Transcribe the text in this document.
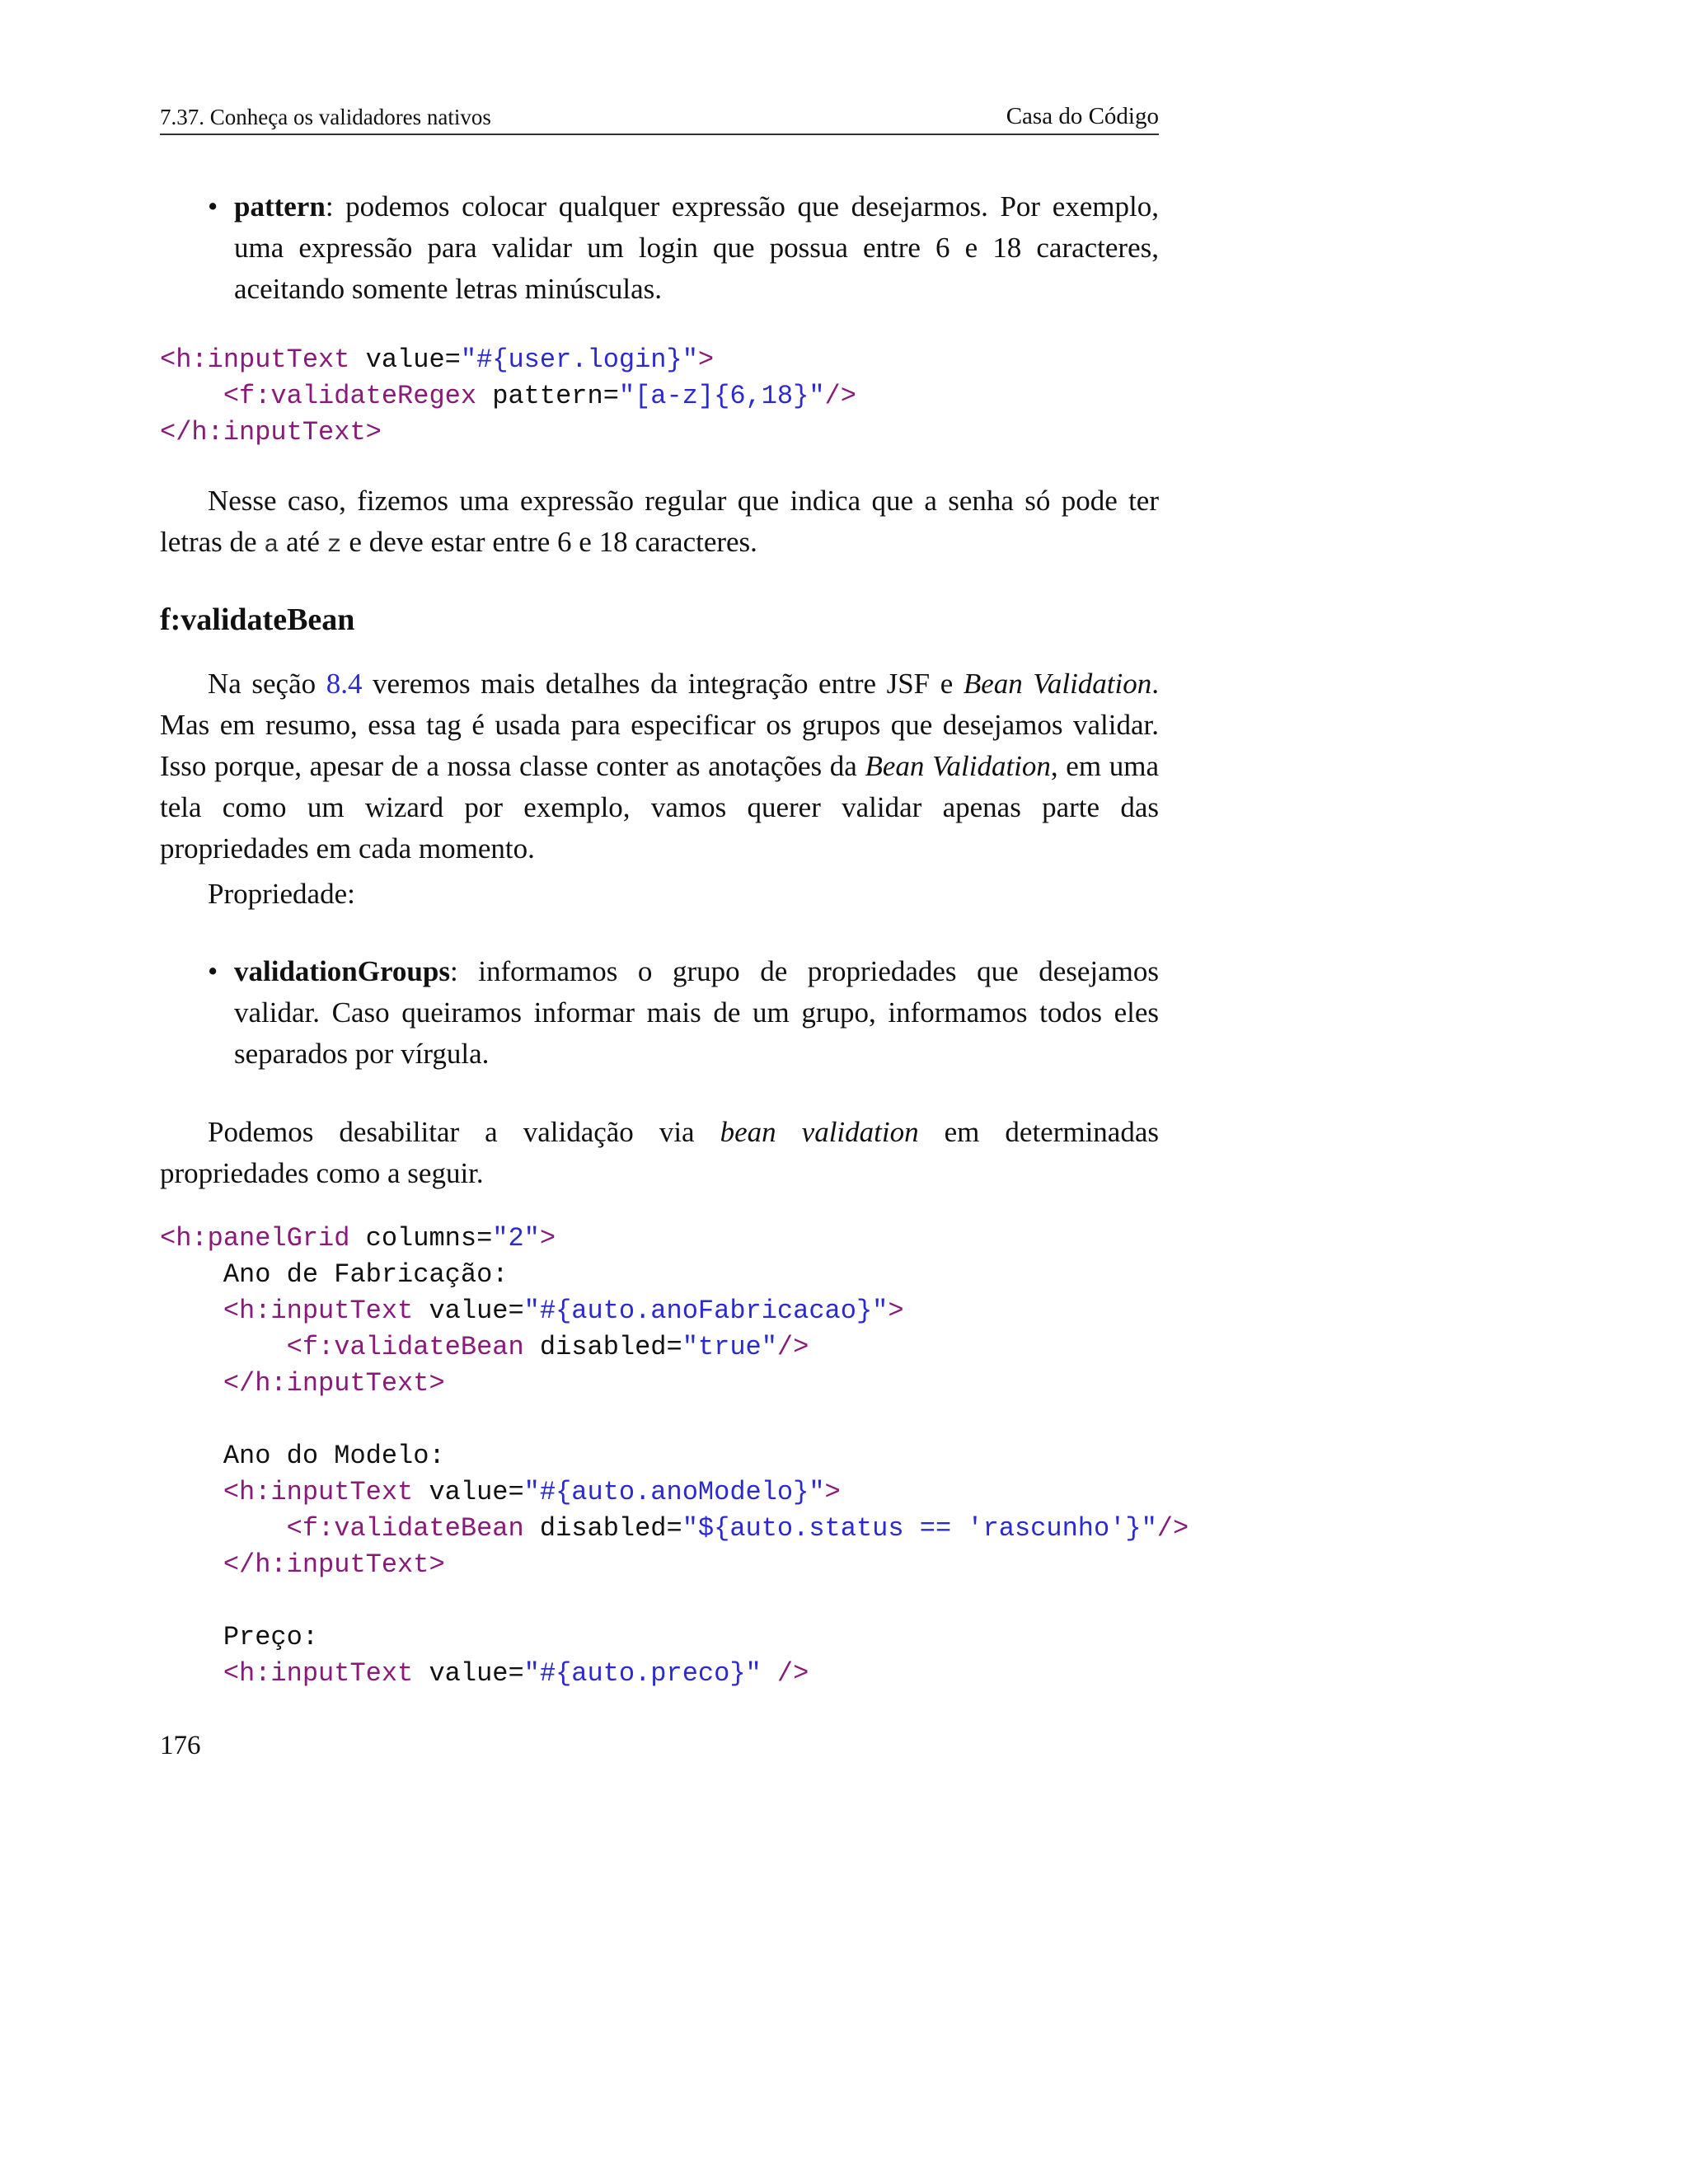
7.37. Conheça os validadores nativos	Casa do Código
• pattern: podemos colocar qualquer expressão que desejarmos. Por exemplo, uma expressão para validar um login que possua entre 6 e 18 caracteres, aceitando somente letras minúsculas.
<h:inputText value="#{user.login}">
<f:validateRegex pattern="[a-z]{6,18}"/>
</h:inputText>
Nesse caso, fizemos uma expressão regular que indica que a senha só pode ter letras de a até z e deve estar entre 6 e 18 caracteres.
f:validateBean
Na seção 8.4 veremos mais detalhes da integração entre JSF e Bean Validation. Mas em resumo, essa tag é usada para especificar os grupos que desejamos validar. Isso porque, apesar de a nossa classe conter as anotações da Bean Validation, em uma tela como um wizard por exemplo, vamos querer validar apenas parte das propriedades em cada momento.
Propriedade:
• validationGroups: informamos o grupo de propriedades que desejamos validar. Caso queiramos informar mais de um grupo, informamos todos eles separados por vírgula.
Podemos desabilitar a validação via bean validation em determinadas propriedades como a seguir.
<h:panelGrid columns="2">
Ano de Fabricação:
<h:inputText value="#{auto.anoFabricacao}">
<f:validateBean disabled="true"/>
</h:inputText>

Ano do Modelo:
<h:inputText value="#{auto.anoModelo}">
<f:validateBean disabled="${auto.status == 'rascunho'}"/>
</h:inputText>

Preço:
<h:inputText value="#{auto.preco}" />
176
